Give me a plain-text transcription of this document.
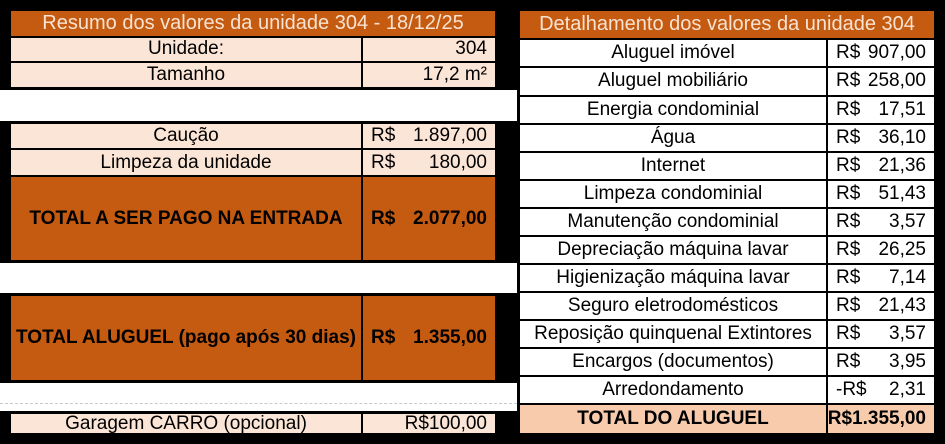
Resumo dos valores da unidade 304 - 18/12/25
Unidade:	304
Tamanho	17,2 m²
Caução	R$ 1.897,00
Limpeza da unidade	R$ 180,00
TOTAL A SER PAGO NA ENTRADA	R$ 2.077,00
TOTAL ALUGUEL (pago após 30 dias) R$ 1.355,00
Garagem CARRO (opcional)	R$100,00
Detalhamento dos valores da unidade 304
Aluguel imóvel	R$ 907,00
Aluguel mobiliário	R$ 258,00
Energia condominial	R$ 17,51
Água	R$ 36,10
Internet	R$ 21,36
Limpeza condominial	R$ 51,43
Manutenção condominial	R$ 3,57
Depreciação máquina lavar	R$ 26,25
Higienização máquina lavar	R$ 7,14
Seguro eletrodomésticos	R$ 21,43
Reposição quinquenal Extintores	R$ 3,57
Encargos (documentos)	R$ 3,95
Arredondamento	-R$ 2,31
TOTAL DO ALUGUEL	R$1.355,00
